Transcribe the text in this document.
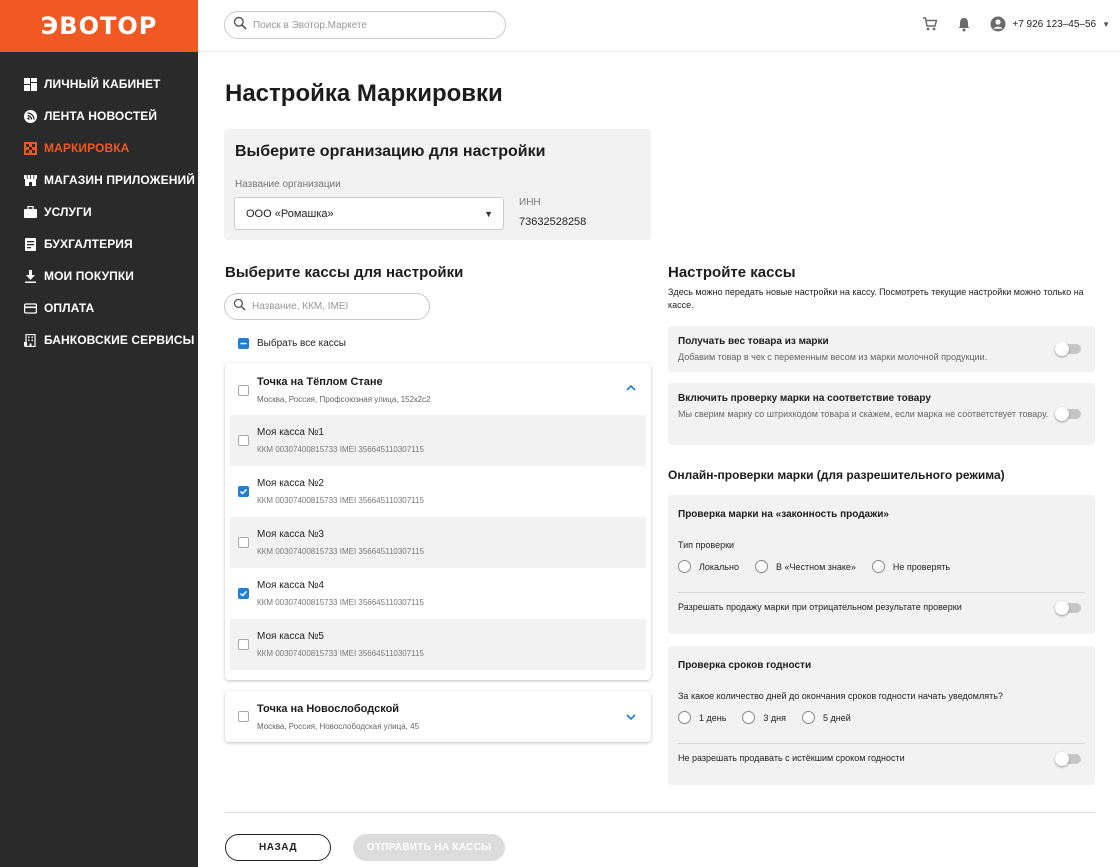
ЭВОТОР
ЛИЧНЫЙ КАБИНЕТ
ЛЕНТА НОВОСТЕЙ
МАРКИРОВКА
МАГАЗИН ПРИЛОЖЕНИЙ
УСЛУГИ
БУХГАЛТЕРИЯ
МОИ ПОКУПКИ
ОПЛАТА
БАНКОВСКИЕ СЕРВИСЫ
Поиск в Эвотор.Маркете	+7 926 123–45–56 ▼
Настройка Маркировки
Выберите организацию для настройки
Название организации
ООО «Ромашка»	▼
ИНН
73632528258
Выберите кассы для настройки
Название, ККМ, IMEI
Выбрать все кассы
Точка на Тёплом Стане
Москва, Россия, Профсоюзная улица, 152к2с2
Моя касса №1
ККМ 00307400815733 IMEI 356645110307115
Моя касса №2
ККМ 00307400815733 IMEI 356645110307115
Моя касса №3
ККМ 00307400815733 IMEI 356645110307115
Моя касса №4
ККМ 00307400815733 IMEI 356645110307115
Моя касса №5
ККМ 00307400815733 IMEI 356645110307115
Точка на Новослободской
Москва, Россия, Новослободская улица, 45
Настройте кассы
Здесь можно передать новые настройки на кассу. Посмотреть текущие настройки можно только на кассе.
Получать вес товара из марки
Добавим товар в чек с переменным весом из марки молочной продукции.
Включить проверку марки на соответствие товару
Мы сверим марку со штрихкодом товара и скажем, если марка не соответствует товару.
Онлайн-проверки марки (для разрешительного режима)
Проверка марки на «законность продажи»
Тип проверки
Локально	В «Честном знаке»	Не проверять
Разрешать продажу марки при отрицательном результате проверки
Проверка сроков годности
За какое количество дней до окончания сроков годности начать уведомлять?
1 день	3 дня	5 дней
Не разрешать продавать с истёкшим сроком годности
НАЗАД	ОТПРАВИТЬ НА КАССЫ
